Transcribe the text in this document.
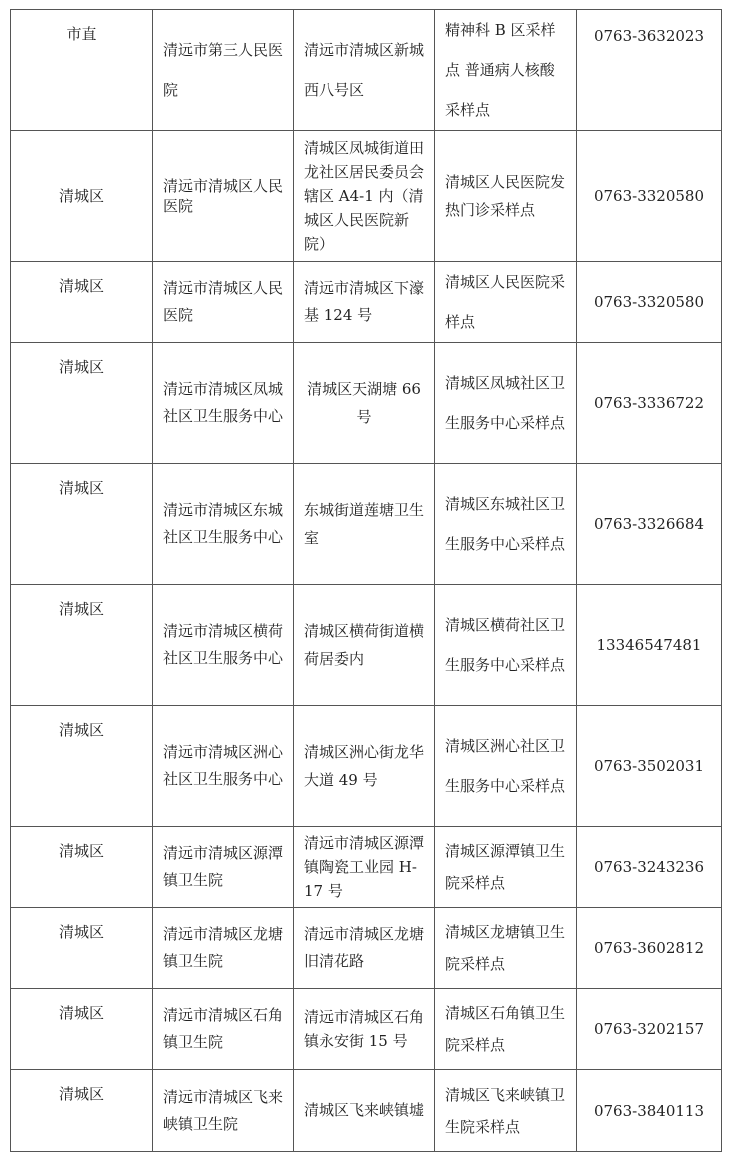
市直	清远市第三人民医院	清远市清城区新城西八号区	精神科 B 区采样点 普通病人核酸采样点	0763-3632023

清城区	清远市清城区人民医院	清城区凤城街道田龙社区居民委员会辖区 A4-1 内（清城区人民医院新院）	清城区人民医院发热门诊采样点	0763-3320580

清城区	清远市清城区人民医院	清远市清城区下濠基 124 号	清城区人民医院采样点	0763-3320580

清城区	清远市清城区凤城社区卫生服务中心	清城区天湖塘 66 号	清城区凤城社区卫生服务中心采样点	0763-3336722

清城区	清远市清城区东城社区卫生服务中心	东城街道莲塘卫生室	清城区东城社区卫生服务中心采样点	0763-3326684

清城区	清远市清城区横荷社区卫生服务中心	清城区横荷街道横荷居委内	清城区横荷社区卫生服务中心采样点	13346547481

清城区	清远市清城区洲心社区卫生服务中心	清城区洲心街龙华大道 49 号	清城区洲心社区卫生服务中心采样点	0763-3502031

清城区	清远市清城区源潭镇卫生院	清远市清城区源潭镇陶瓷工业园 H-17 号	清城区源潭镇卫生院采样点	0763-3243236

清城区	清远市清城区龙塘镇卫生院	清远市清城区龙塘旧清花路	清城区龙塘镇卫生院采样点	0763-3602812

清城区	清远市清城区石角镇卫生院	清远市清城区石角镇永安街 15 号	清城区石角镇卫生院采样点	0763-3202157

清城区	清远市清城区飞来峡镇卫生院	清城区飞来峡镇墟	清城区飞来峡镇卫生院采样点	0763-3840113
